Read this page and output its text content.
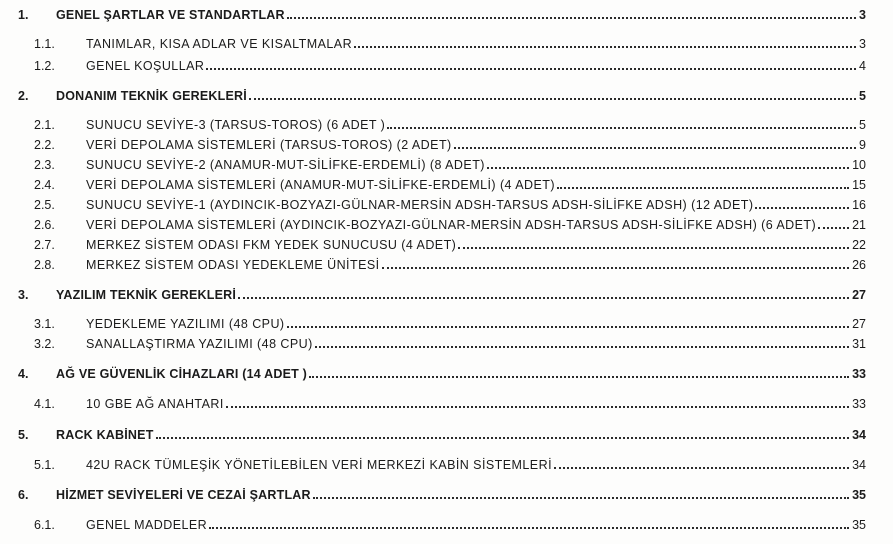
1. GENEL ŞARTLAR VE STANDARTLAR	3
1.1. TANIMLAR, KISA ADLAR VE KISALTMALAR	3
1.2. GENEL KOŞULLAR	4
2. DONANIM TEKNİK GEREKLERİ	5
2.1. SUNUCU SEVİYE-3 (TARSUS-TOROS) (6 ADET )	5
2.2. VERİ DEPOLAMA SİSTEMLERİ (TARSUS-TOROS) (2 ADET)	9
2.3. SUNUCU SEVİYE-2 (ANAMUR-MUT-SİLİFKE-ERDEMLİ) (8 ADET)	10
2.4. VERİ DEPOLAMA SİSTEMLERİ (ANAMUR-MUT-SİLİFKE-ERDEMLİ) (4 ADET)	15
2.5. SUNUCU SEVİYE-1 (AYDINCIK-BOZYAZI-GÜLNAR-MERSİN ADSH-TARSUS ADSH-SİLİFKE ADSH) (12 ADET)	16
2.6. VERİ DEPOLAMA SİSTEMLERİ (AYDINCIK-BOZYAZI-GÜLNAR-MERSİN ADSH-TARSUS ADSH-SİLİFKE ADSH) (6 ADET)	21
2.7. MERKEZ SİSTEM ODASI FKM YEDEK SUNUCUSU (4 ADET)	22
2.8. MERKEZ SİSTEM ODASI YEDEKLEME ÜNİTESİ	26
3. YAZILIM TEKNİK GEREKLERİ	27
3.1. YEDEKLEME YAZILIMI (48 CPU)	27
3.2. SANALLAŞTIRMA YAZILIMI (48 CPU)	31
4. AĞ VE GÜVENLİK CİHAZLARI (14 ADET )	33
4.1. 10 GBE AĞ ANAHTARI	33
5. RACK KABİNET	34
5.1. 42U RACK TÜMLEŞİK YÖNETİLEBİLEN VERİ MERKEZİ KABİN SİSTEMLERİ	34
6. HİZMET SEVİYELERİ VE CEZAİ ŞARTLAR	35
6.1. GENEL MADDELER	35
